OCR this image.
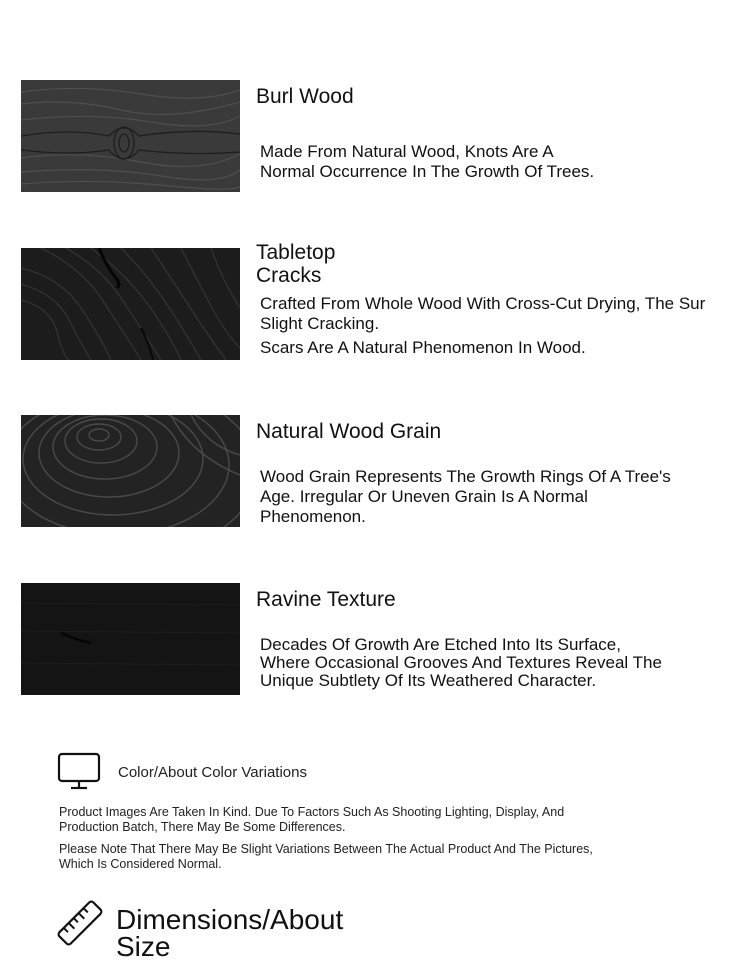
Burl Wood

Made From Natural Wood, Knots Are A
Normal Occurrence In The Growth Of Trees.

Tabletop
Cracks

Crafted From Whole Wood With Cross-Cut Drying, The Sur
Slight Cracking.
Scars Are A Natural Phenomenon In Wood.

Natural Wood Grain

Wood Grain Represents The Growth Rings Of A Tree's
Age. Irregular Or Uneven Grain Is A Normal
Phenomenon.

Ravine Texture

Decades Of Growth Are Etched Into Its Surface,
Where Occasional Grooves And Textures Reveal The
Unique Subtlety Of Its Weathered Character.

Color/About Color Variations
Product Images Are Taken In Kind. Due To Factors Such As Shooting Lighting, Display, And
Production Batch, There May Be Some Differences.
Please Note That There May Be Slight Variations Between The Actual Product And The Pictures,
Which Is Considered Normal.
Dimensions/About
Size
